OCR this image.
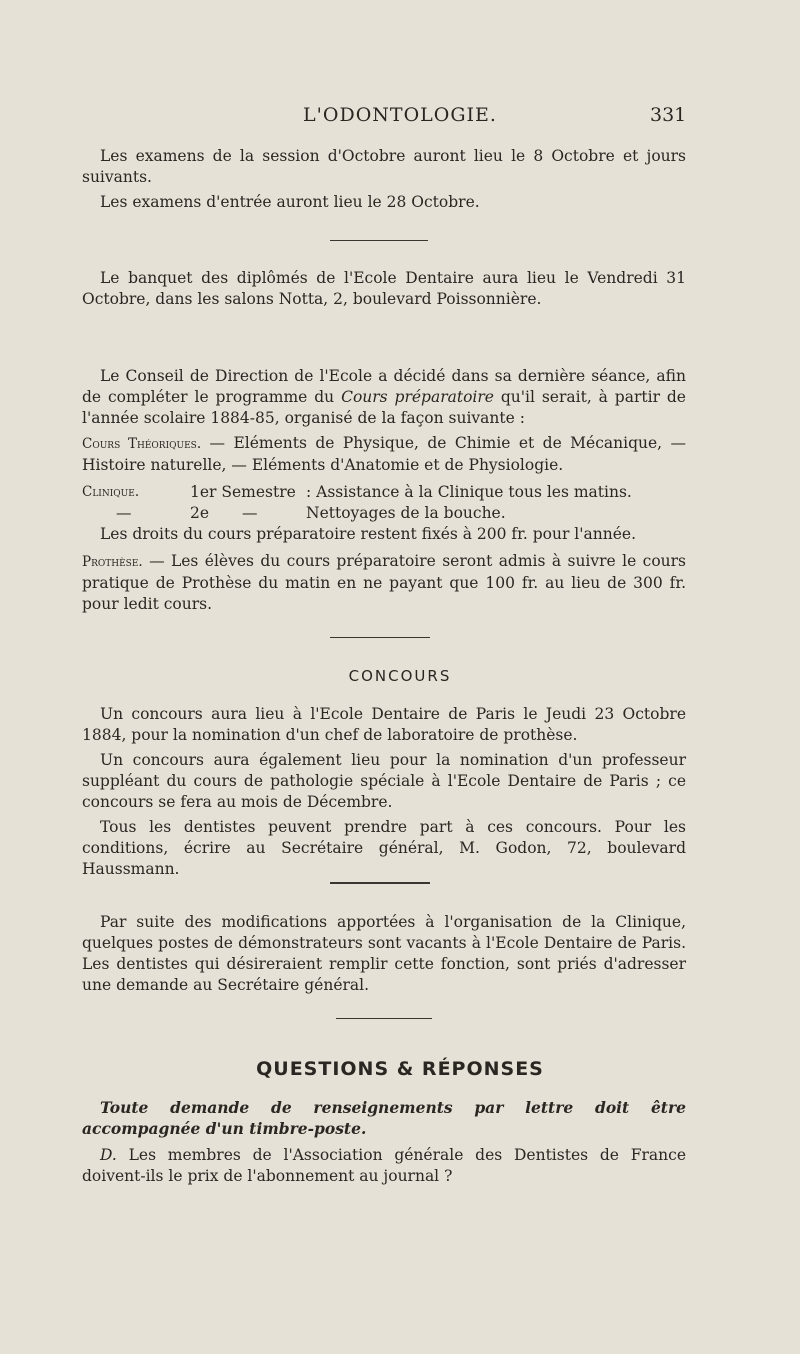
L'ODONTOLOGIE.	331

Les examens de la session d'Octobre auront lieu le 8 Octobre et jours suivants.

Les examens d'entrée auront lieu le 28 Octobre.

Le banquet des diplômés de l'Ecole Dentaire aura lieu le Vendredi 31 Octobre, dans les salons Notta, 2, boulevard Poissonnière.

Le Conseil de Direction de l'Ecole a décidé dans sa dernière séance, afin de compléter le programme du Cours préparatoire qu'il serait, à partir de l'année scolaire 1884-85, organisé de la façon suivante :

Cours Théoriques. — Eléments de Physique, de Chimie et de Mécanique, — Histoire naturelle, — Eléments d'Anatomie et de Physiologie.

Clinique.	1er Semestre : Assistance à la Clinique tous les matins.
—	2e	—	Nettoyages de la bouche.

Les droits du cours préparatoire restent fixés à 200 fr. pour l'année.

Prothèse. — Les élèves du cours préparatoire seront admis à suivre le cours pratique de Prothèse du matin en ne payant que 100 fr. au lieu de 300 fr. pour ledit cours.

CONCOURS

Un concours aura lieu à l'Ecole Dentaire de Paris le Jeudi 23 Octobre 1884, pour la nomination d'un chef de laboratoire de prothèse.

Un concours aura également lieu pour la nomination d'un professeur suppléant du cours de pathologie spéciale à l'Ecole Dentaire de Paris ; ce concours se fera au mois de Décembre.

Tous les dentistes peuvent prendre part à ces concours. Pour les conditions, écrire au Secrétaire général, M. Godon, 72, boulevard Haussmann.

Par suite des modifications apportées à l'organisation de la Clinique, quelques postes de démonstrateurs sont vacants à l'Ecole Dentaire de Paris. Les dentistes qui désireraient remplir cette fonction, sont priés d'adresser une demande au Secrétaire général.

QUESTIONS & RÉPONSES

Toute demande de renseignements par lettre doit être accompagnée d'un timbre-poste.

D. Les membres de l'Association générale des Dentistes de France doivent-ils le prix de l'abonnement au journal ?
